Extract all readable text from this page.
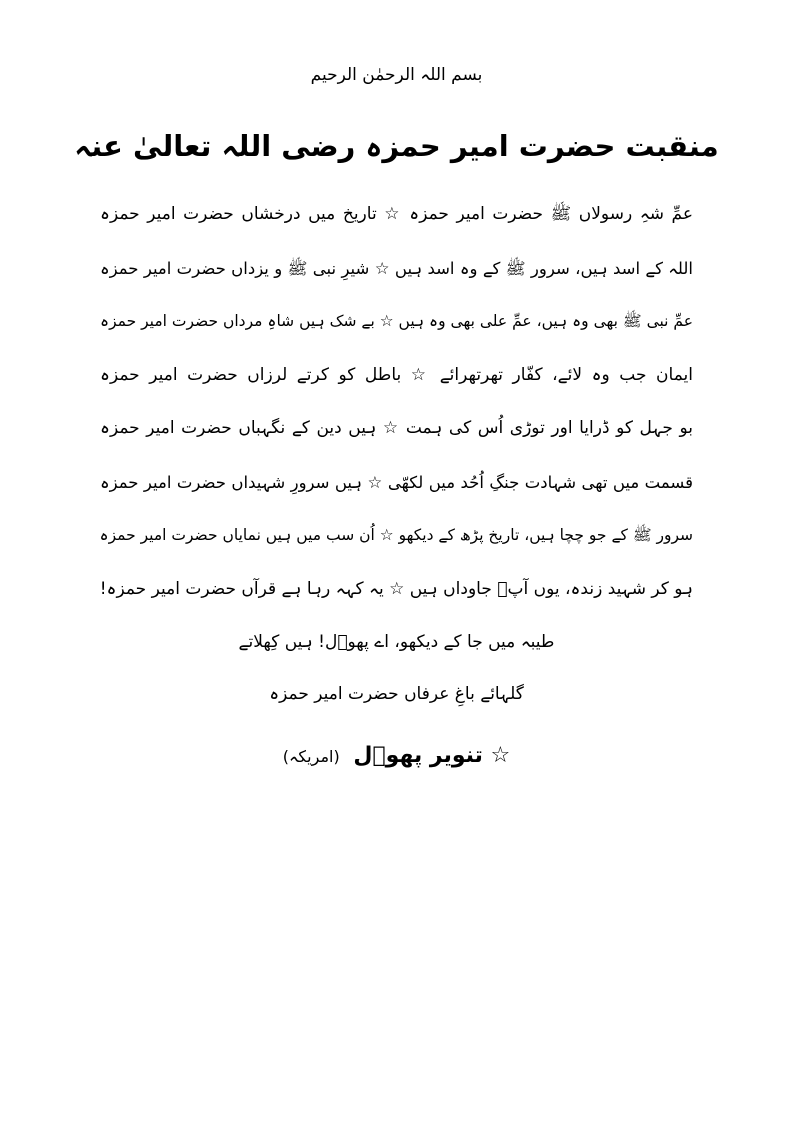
بسم اللہ الرحمٰن الرحیم
منقبت حضرت امیر حمزہ رضی اللہ تعالیٰ عنہ
عمِّ شہِ رسولاں ﷺ حضرت امیر حمزہ ☆ تاریخ میں درخشاں حضرت امیر حمزہ
اللہ کے اسد ہیں، سرور ﷺ کے وہ اسد ہیں ☆ شیرِ نبی ﷺ و یزداں حضرت امیر حمزہ
عمِّ نبی ﷺ بھی وہ ہیں، عمِّ علی بھی وہ ہیں ☆ بے شک ہیں شاہِ مرداں حضرت امیر حمزہ
ایمان جب وہ لائے، کفّار تھرتھرائے ☆ باطل کو کرتے لرزاں حضرت امیر حمزہ
بو جہل کو ڈرایا اور توڑی اُس کی ہمت ☆ ہیں دین کے نگہباں حضرت امیر حمزہ
قسمت میں تھی شہادت جنگِ اُحُد میں لکھّی ☆ ہیں سرورِ شہیداں حضرت امیر حمزہ
سرور ﷺ کے جو چچا ہیں، تاریخ پڑھ کے دیکھو ☆ اُن سب میں ہیں نمایاں حضرت امیر حمزہ
ہو کر شہید زندہ، یوں آپؓ جاوداں ہیں ☆ یہ کہہ رہا ہے قرآں حضرت امیر حمزہ!
طیبہ میں جا کے دیکھو، اے پھوؔل! ہیں کِھلاتے
گلہائے باغِ عرفاں حضرت امیر حمزہ
☆ تنویر پھوؔل (امریکہ)
